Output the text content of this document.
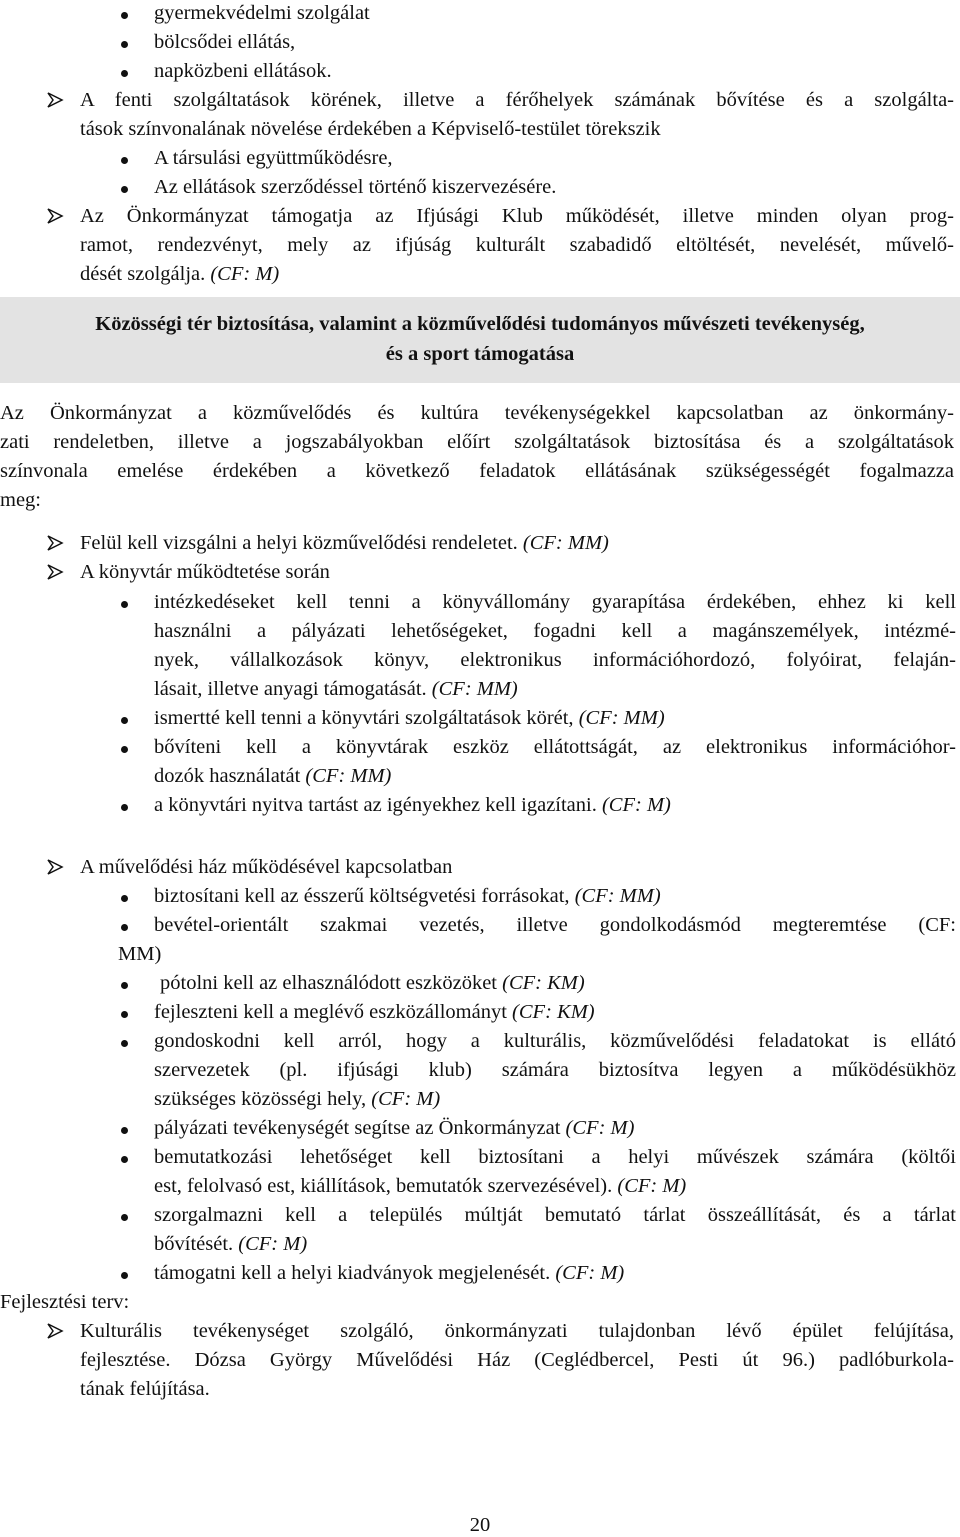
gyermekvédelmi szolgálat
bölcsődei ellátás,
napközbeni ellátások.
A fenti szolgáltatások körének, illetve a férőhelyek számának bővítése és a szolgálta-
tások színvonalának növelése érdekében a Képviselő-testület törekszik
A társulási együttműködésre,
Az ellátások szerződéssel történő kiszervezésére.
Az Önkormányzat támogatja az Ifjúsági Klub működését, illetve minden olyan prog-
ramot, rendezvényt, mely az ifjúság kulturált szabadidő eltöltését, nevelését, művelő-
dését szolgálja. (CF: M)
Közösségi tér biztosítása, valamint a közművelődési tudományos művészeti tevékenység,
és a sport támogatása
Az Önkormányzat a közművelődés és kultúra tevékenységekkel kapcsolatban az önkormány-
zati rendeletben, illetve a jogszabályokban előírt szolgáltatások biztosítása és a szolgáltatások
színvonala emelése érdekében a következő feladatok ellátásának szükségességét fogalmazza
meg:
Felül kell vizsgálni a helyi közművelődési rendeletet. (CF: MM)
A könyvtár működtetése során
intézkedéseket kell tenni a könyvállomány gyarapítása érdekében, ehhez ki kell
használni a pályázati lehetőségeket, fogadni kell a magánszemélyek, intézmé-
nyek, vállalkozások könyv, elektronikus információhordozó, folyóirat, felaján-
lásait, illetve anyagi támogatását. (CF: MM)
ismertté kell tenni a könyvtári szolgáltatások körét, (CF: MM)
bővíteni kell a könyvtárak eszköz ellátottságát, az elektronikus információhor-
dozók használatát (CF: MM)
a könyvtári nyitva tartást az igényekhez kell igazítani. (CF: M)
A művelődési ház működésével kapcsolatban
biztosítani kell az ésszerű költségvetési forrásokat, (CF: MM)
bevétel-orientált szakmai vezetés, illetve gondolkodásmód megteremtése (CF:
MM)
pótolni kell az elhasználódott eszközöket (CF: KM)
fejleszteni kell a meglévő eszközállományt (CF: KM)
gondoskodni kell arról, hogy a kulturális, közművelődési feladatokat is ellátó
szervezetek (pl. ifjúsági klub) számára biztosítva legyen a működésükhöz
szükséges közösségi hely, (CF: M)
pályázati tevékenységét segítse az Önkormányzat (CF: M)
bemutatkozási lehetőséget kell biztosítani a helyi művészek számára (költői
est, felolvasó est, kiállítások, bemutatók szervezésével). (CF: M)
szorgalmazni kell a település múltját bemutató tárlat összeállítását, és a tárlat
bővítését. (CF: M)
támogatni kell a helyi kiadványok megjelenését. (CF: M)
Fejlesztési terv:
Kulturális tevékenységet szolgáló, önkormányzati tulajdonban lévő épület felújítása,
fejlesztése. Dózsa György Művelődési Ház (Ceglédbercel, Pesti út 96.) padlóburkola-
tának felújítása.
20
